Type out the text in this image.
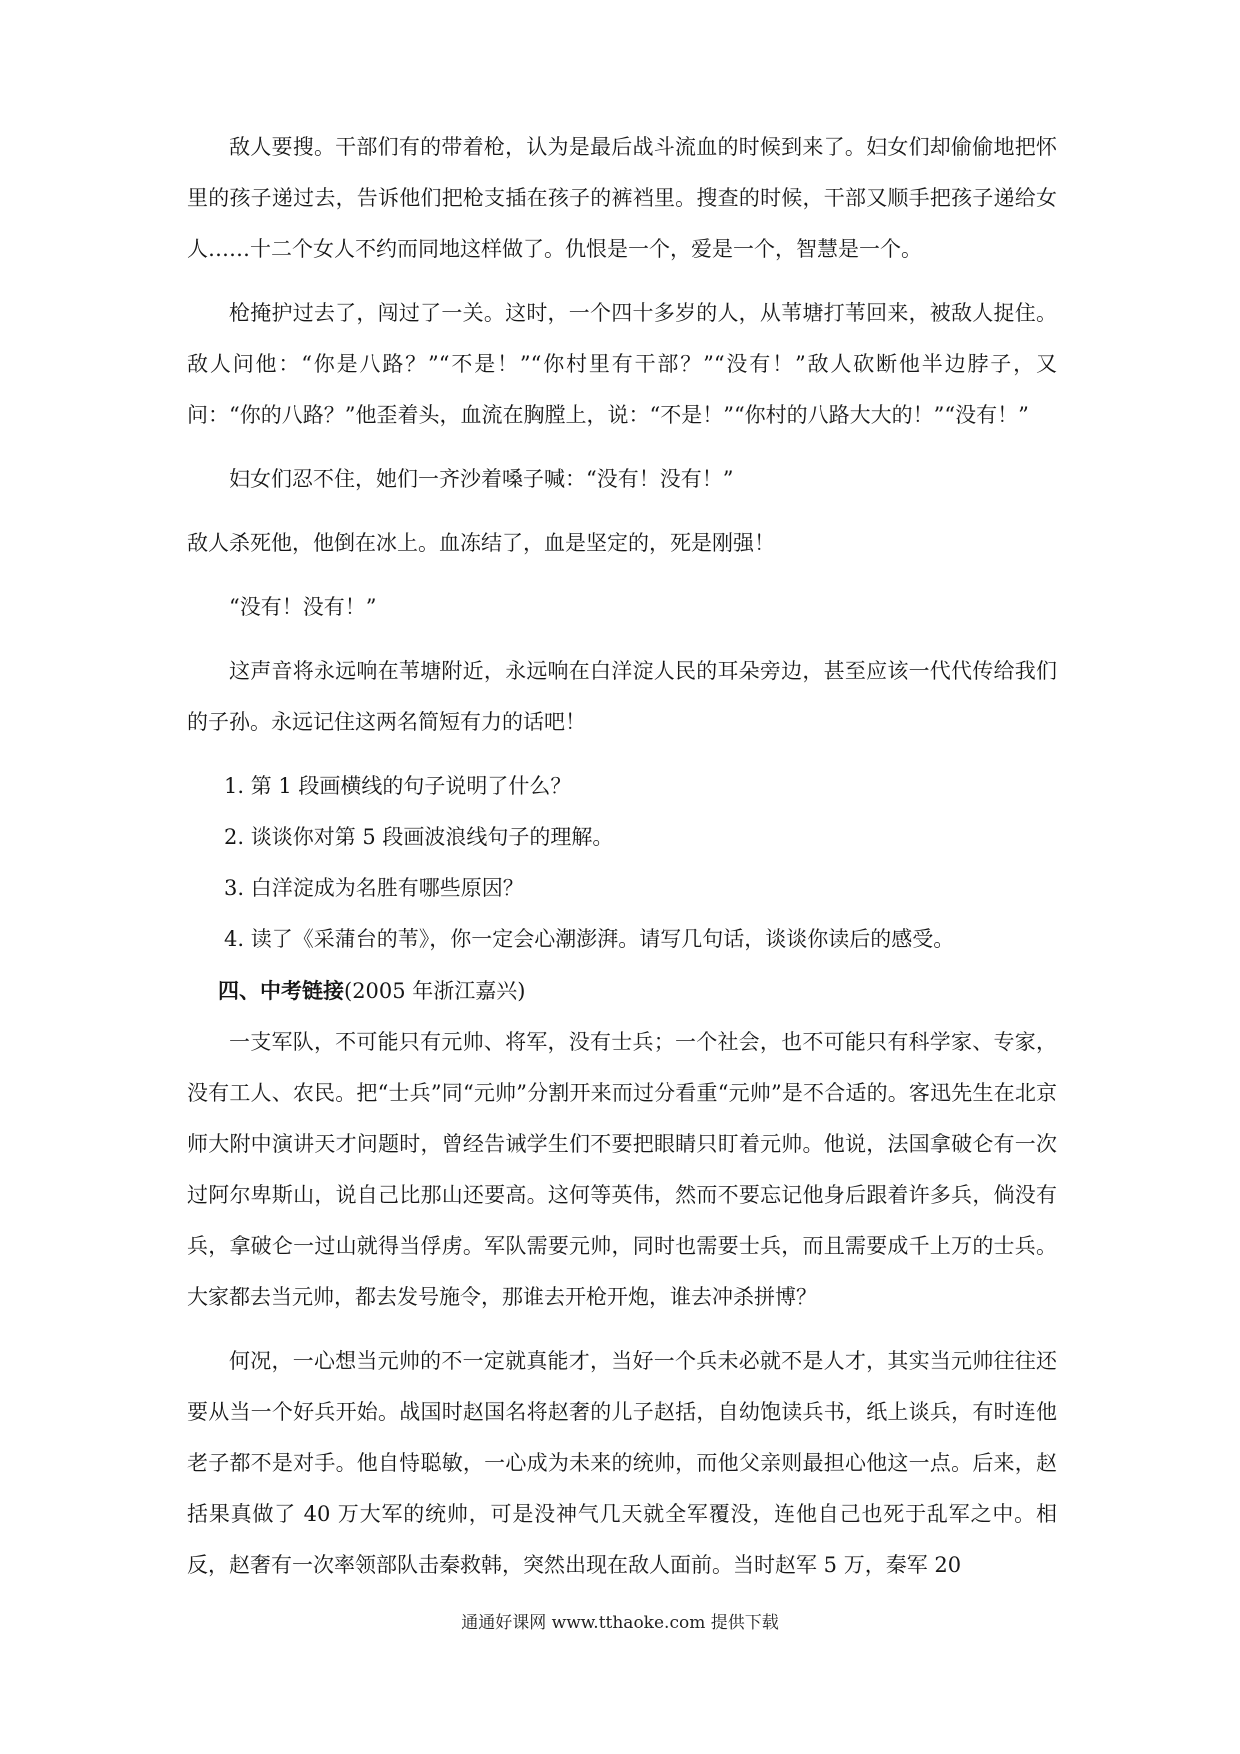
敌人要搜。干部们有的带着枪，认为是最后战斗流血的时候到来了。妇女们却偷偷地把怀里的孩子递过去，告诉他们把枪支插在孩子的裤裆里。搜查的时候，干部又顺手把孩子递给女人……十二个女人不约而同地这样做了。仇恨是一个，爱是一个，智慧是一个。

枪掩护过去了，闯过了一关。这时，一个四十多岁的人，从苇塘打苇回来，被敌人捉住。敌人问他：“你是八路？”“不是！”“你村里有干部？”“没有！”敌人砍断他半边脖子，又问：“你的八路？”他歪着头，血流在胸膛上，说：“不是！”“你村的八路大大的！”“没有！”

妇女们忍不住，她们一齐沙着嗓子喊：“没有！没有！”

敌人杀死他，他倒在冰上。血冻结了，血是坚定的，死是刚强！

“没有！没有！”

这声音将永远响在苇塘附近，永远响在白洋淀人民的耳朵旁边，甚至应该一代代传给我们的子孙。永远记住这两名简短有力的话吧！

1. 第 1 段画横线的句子说明了什么？

2. 谈谈你对第 5 段画波浪线句子的理解。

3. 白洋淀成为名胜有哪些原因？

4. 读了《采蒲台的苇》，你一定会心潮澎湃。请写几句话，谈谈你读后的感受。

四、中考链接(2005 年浙江嘉兴)

一支军队，不可能只有元帅、将军，没有士兵；一个社会，也不可能只有科学家、专家，没有工人、农民。把“士兵”同“元帅”分割开来而过分看重“元帅”是不合适的。客迅先生在北京师大附中演讲天才问题时，曾经告诫学生们不要把眼睛只盯着元帅。他说，法国拿破仑有一次过阿尔卑斯山，说自己比那山还要高。这何等英伟，然而不要忘记他身后跟着许多兵，倘没有兵，拿破仑一过山就得当俘虏。军队需要元帅，同时也需要士兵，而且需要成千上万的士兵。大家都去当元帅，都去发号施令，那谁去开枪开炮，谁去冲杀拼博？

何况，一心想当元帅的不一定就真能才，当好一个兵未必就不是人才，其实当元帅往往还要从当一个好兵开始。战国时赵国名将赵奢的儿子赵括，自幼饱读兵书，纸上谈兵，有时连他老子都不是对手。他自恃聪敏，一心成为未来的统帅，而他父亲则最担心他这一点。后来，赵括果真做了 40 万大军的统帅，可是没神气几天就全军覆没，连他自己也死于乱军之中。相反，赵奢有一次率领部队击秦救韩，突然出现在敌人面前。当时赵军 5 万，秦军 20

通通好课网 www.tthaoke.com 提供下载
